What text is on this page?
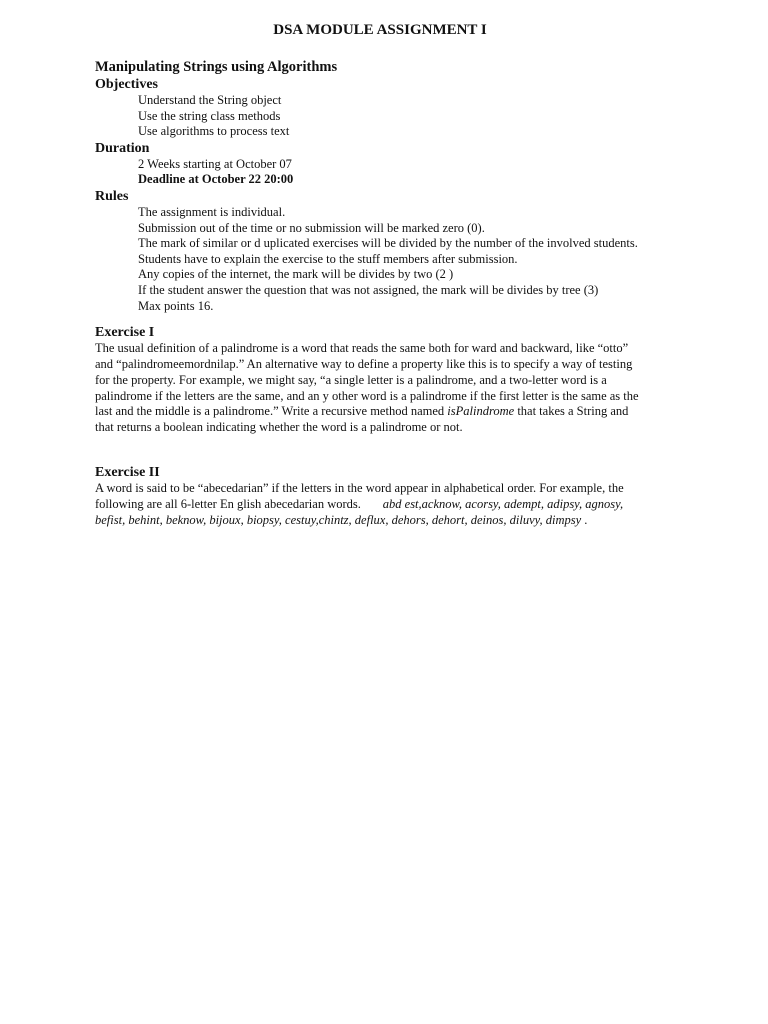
DSA MODULE ASSIGNMENT I

Manipulating Strings using Algorithms

Objectives

Understand the String object
Use the string class methods
Use algorithms to process text

Duration

2 Weeks starting at October 07
Deadline at October 22 20:00

Rules

The assignment is individual.
Submission out of the time or no submission will be marked zero (0).
The mark of similar or d uplicated exercises will be divided by the number of the involved students.
Students have to explain the exercise to the stuff members after submission.
Any copies of the internet, the mark will be divides by two (2 )
If the student answer the question that was not assigned, the mark will be divides by tree (3)
Max points 16.

Exercise I

The usual definition of a palindrome is a word that reads the same both for ward and backward, like “otto” and “palindromeemordnilap.” An alternative way to define a property like this is to specify a way of testing for the property. For example, we might say, “a single letter is a palindrome, and a two-letter word is a palindrome if the letters are the same, and an y other word is a palindrome if the first letter is the same as the last and the middle is a palindrome.” Write a recursive method named isPalindrome that takes a String and that returns a boolean indicating whether the word is a palindrome or not.

Exercise II

A word is said to be “abecedarian” if the letters in the word appear in alphabetical order. For example, the following are all 6-letter En glish abecedarian words.       abd est,acknow, acorsy, adempt, adipsy, agnosy, befist, behint, beknow, bijoux, biopsy, cestuy,chintz, deflux, dehors, dehort, deinos, diluvy, dimpsy .
